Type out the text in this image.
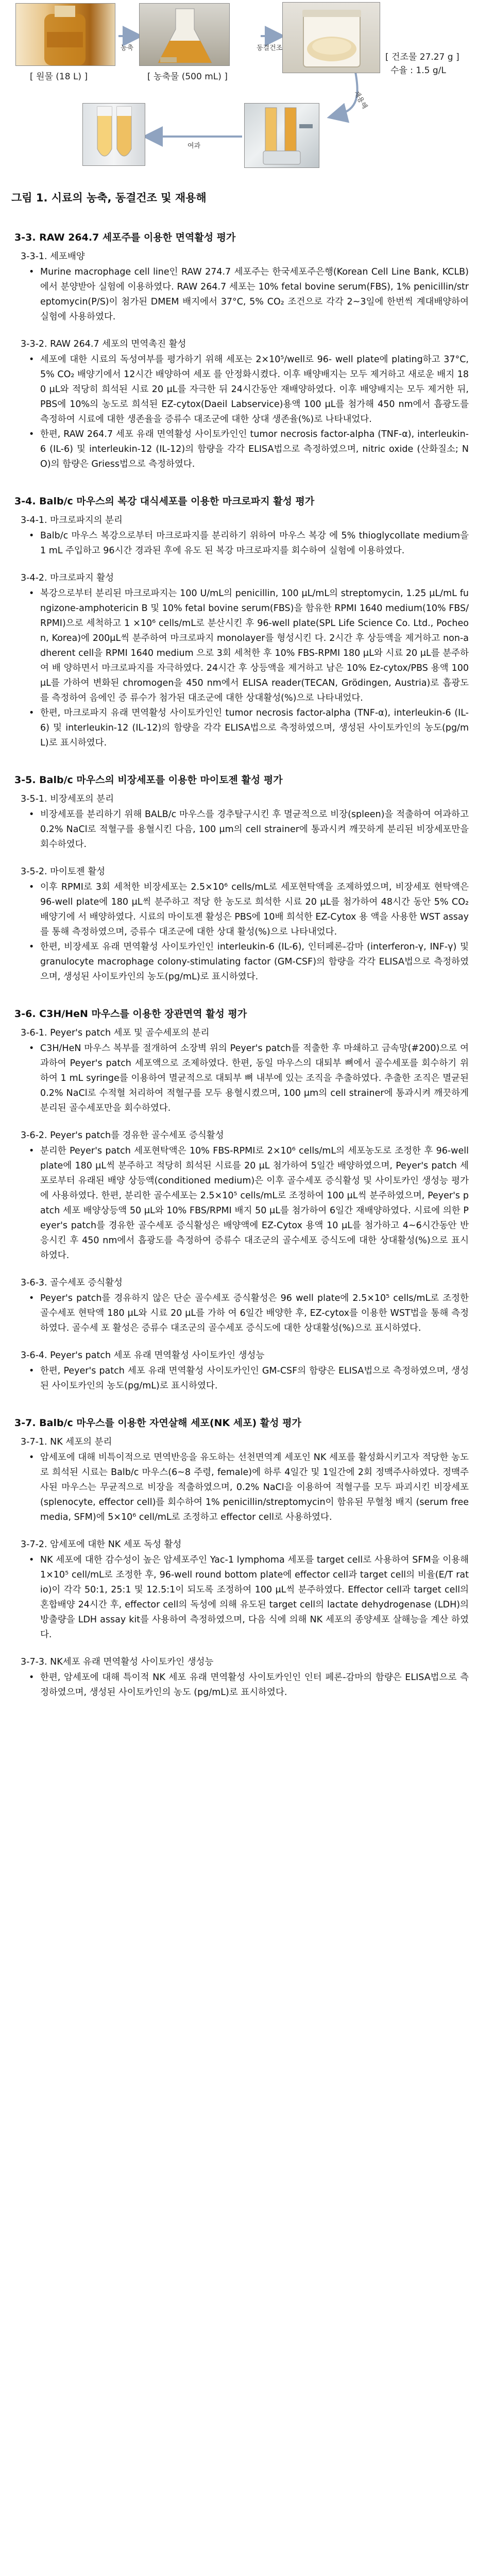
[ 원물 (18 L) ]
농축
[ 농축물 (500 mL) ]
동결건조
[ 건조물 27.27 g ]
수율 : 1.5 g/L
재용해
여과
그림 1. 시료의 농축, 동결건조 및 재용해
3-3. RAW 264.7 세포주를 이용한 면역활성 평가
3-3-1. 세포배양
• Murine macrophage cell line인 RAW 274.7 세포주는 한국세포주은행(Korean Cell Line Bank, KCLB)에서 분양받아 실험에 이용하였다. RAW 264.7 세포는 10% fetal bovine serum(FBS), 1% penicillin/streptomycin(P/S)이 첨가된 DMEM 배지에서 37°C, 5% CO₂ 조건으로 각각 2~3일에 한번씩 계대배양하여 실험에 사용하였다.
3-3-2. RAW 264.7 세포의 면역촉진 활성
• 세포에 대한 시료의 독성여부를 평가하기 위해 세포는 2×10⁵/well로 96- well plate에 plating하고 37°C, 5% CO₂ 배양기에서 12시간 배양하여 세포 를 안정화시켰다. 이후 배양배지는 모두 제거하고 새로운 배지 180 μL와 적당히 희석된 시료 20 μL를 자극한 뒤 24시간동안 재배양하였다. 이후 배양배지는 모두 제거한 뒤, PBS에 10%의 농도로 희석된 EZ-cytox(Daeil Labservice)용액 100 μL를 첨가해 450 nm에서 흡광도를 측정하여 시료에 대한 생존율을 증류수 대조군에 대한 상대 생존율(%)로 나타내었다.
• 한편, RAW 264.7 세포 유래 면역활성 사이토카인인 tumor necrosis factor-alpha (TNF-α), interleukin-6 (IL-6) 및 interleukin-12 (IL-12)의 함량을 각각 ELISA법으로 측정하였으며, nitric oxide (산화질소; NO)의 함량은 Griess법으로 측정하였다.
3-4. Balb/c 마우스의 복강 대식세포를 이용한 마크로파지 활성 평가
3-4-1. 마크로파지의 분리
• Balb/c 마우스 복강으로부터 마크로파지를 분리하기 위하여 마우스 복강 에 5% thioglycollate medium을 1 mL 주입하고 96시간 경과된 후에 유도 된 복강 마크로파지를 회수하여 실험에 이용하였다.
3-4-2. 마크로파지 활성
• 복강으로부터 분리된 마크로파지는 100 U/mL의 penicillin, 100 μL/mL의 streptomycin, 1.25 μL/mL fungizone-amphotericin B 및 10% fetal bovine serum(FBS)을 함유한 RPMI 1640 medium(10% FBS/RPMI)으로 세척하고 1 ×10⁶ cells/mL로 분산시킨 후 96-well plate(SPL Life Science Co. Ltd., Pocheon, Korea)에 200μL씩 분주하여 마크로파지 monolayer를 형성시킨 다. 2시간 후 상등액을 제거하고 non-adherent cell을 RPMI 1640 medium 으로 3회 세척한 후 10% FBS-RPMI 180 μL와 시료 20 μL를 분주하여 배 양하면서 마크로파지를 자극하였다. 24시간 후 상등액을 제거하고 남은 10% Ez-cytox/PBS 용액 100 μL를 가하여 변화된 chromogen을 450 nm에서 ELISA reader(TECAN, Grödingen, Austria)로 흡광도를 측정하여 음에인 증 류수가 첨가된 대조군에 대한 상대활성(%)으로 나타내었다.
• 한편, 마크로파지 유래 면역활성 사이토카인인 tumor necrosis factor-alpha (TNF-α), interleukin-6 (IL-6) 및 interleukin-12 (IL-12)의 함량을 각각 ELISA법으로 측정하였으며, 생성된 사이토카인의 농도(pg/mL)로 표시하였다.
3-5. Balb/c 마우스의 비장세포를 이용한 마이토젠 활성 평가
3-5-1. 비장세포의 분리
• 비장세포를 분리하기 위해 BALB/c 마우스를 경추탈구시킨 후 멸균적으로 비장(spleen)을 적출하여 여과하고 0.2% NaCl로 적혈구를 용혈시킨 다음, 100 μm의 cell strainer에 통과시켜 깨끗하게 분리된 비장세포만을 회수하였다.
3-5-2. 마이토젠 활성
• 이후 RPMI로 3회 세척한 비장세포는 2.5×10⁶ cells/mL로 세포현탁액을 조제하였으며, 비장세포 현탁액은 96-well plate에 180 μL씩 분주하고 적당 한 농도로 희석한 시료 20 μL를 첨가하여 48시간 동안 5% CO₂ 배양기에 서 배양하였다. 시료의 마이토젠 활성은 PBS에 10배 희석한 EZ-Cytox 용 액을 사용한 WST assay를 통해 측정하였으며, 증류수 대조군에 대한 상대 활성(%)으로 나타내었다.
• 한편, 비장세포 유래 면역활성 사이토카인인 interleukin-6 (IL-6), 인터페론-감마 (interferon-γ, INF-γ) 및 granulocyte macrophage colony-stimulating factor (GM-CSF)의 함량을 각각 ELISA법으로 측정하였으며, 생성된 사이토카인의 농도(pg/mL)로 표시하였다.
3-6. C3H/HeN 마우스를 이용한 장관면역 활성 평가
3-6-1. Peyer's patch 세포 및 골수세포의 분리
• C3H/HeN 마우스 복부를 절개하여 소장벽 위의 Peyer's patch를 적출한 후 마쇄하고 금속망(#200)으로 여과하여 Peyer's patch 세포액으로 조제하였다. 한편, 동일 마우스의 대퇴부 뼈에서 골수세포를 회수하기 위하여 1 mL syringe를 이용하여 멸균적으로 대퇴부 뼈 내부에 있는 조직을 추출하였다. 추출한 조직은 멸균된 0.2% NaCl로 수적혈 처리하여 적혈구를 모두 용혈시켰으며, 100 μm의 cell strainer에 통과시켜 깨끗하게 분리된 골수세포만을 회수하였다.
3-6-2. Peyer's patch를 경유한 골수세포 증식활성
• 분리한 Peyer's patch 세포현탁액은 10% FBS-RPMI로 2×10⁶ cells/mL의 세포농도로 조정한 후 96-well plate에 180 μL씩 분주하고 적당히 희석된 시료를 20 μL 첨가하여 5일간 배양하였으며, Peyer's patch 세포로부터 유래된 배양 상등액(conditioned medium)은 이후 골수세포 증식활성 및 사이토카인 생성능 평가에 사용하였다. 한편, 분리한 골수세포는 2.5×10⁵ cells/mL로 조정하여 100 μL씩 분주하였으며, Peyer's patch 세포 배양상등액 50 μL와 10% FBS/RPMI 배지 50 μL를 첨가하여 6일간 재배양하였다. 시료에 의한 Peyer's patch를 경유한 골수세포 증식활성은 배양액에 EZ-Cytox 용액 10 μL를 첨가하고 4~6시간동안 반응시킨 후 450 nm에서 흡광도를 측정하여 증류수 대조군의 골수세포 증식도에 대한 상대활성(%)으로 표시하였다.
3-6-3. 골수세포 증식활성
• Peyer's patch를 경유하지 않은 단순 골수세포 증식활성은 96 well plate에 2.5×10⁵ cells/mL로 조정한 골수세포 현탁액 180 μL와 시료 20 μL를 가하 여 6일간 배양한 후, EZ-cytox를 이용한 WST법을 통해 측정하였다. 골수세 포 활성은 증류수 대조군의 골수세포 증식도에 대한 상대활성(%)으로 표시하였다.
3-6-4. Peyer's patch 세포 유래 면역활성 사이토카인 생성능
• 한편, Peyer's patch 세포 유래 면역활성 사이토카인인 GM-CSF의 함량은 ELISA법으로 측정하였으며, 생성된 사이토카인의 농도(pg/mL)로 표시하였다.
3-7. Balb/c 마우스를 이용한 자연살해 세포(NK 세포) 활성 평가
3-7-1. NK 세포의 분리
• 암세포에 대해 비특이적으로 면역반응을 유도하는 선천면역계 세포인 NK 세포를 활성화시키고자 적당한 농도로 희석된 시료는 Balb/c 마우스(6~8 주령, female)에 하루 4일간 및 1일간에 2회 정맥주사하였다. 정맥주사된 마우스는 무균적으로 비장을 적출하였으며, 0.2% NaCl을 이용하여 적혈구를 모두 파괴시킨 비장세포 (splenocyte, effector cell)를 회수하여 1% penicillin/streptomycin이 함유된 무혈청 배지 (serum free media, SFM)에 5×10⁶ cell/mL로 조정하고 effector cell로 사용하였다.
3-7-2. 암세포에 대한 NK 세포 독성 활성
• NK 세포에 대한 감수성이 높은 암세포주인 Yac-1 lymphoma 세포를 target cell로 사용하여 SFM을 이용해 1×10⁵ cell/mL로 조정한 후, 96-well round bottom plate에 effector cell과 target cell의 비율(E/T ratio)이 각각 50:1, 25:1 및 12.5:1이 되도록 조정하여 100 μL씩 분주하였다. Effector cell과 target cell의 혼합배양 24시간 후, effector cell의 독성에 의해 유도된 target cell의 lactate dehydrogenase (LDH)의 방출량을 LDH assay kit를 사용하여 측정하였으며, 다음 식에 의해 NK 세포의 종양세포 살해능을 계산 하였다.
3-7-3. NK세포 유래 면역활성 사이토카인 생성능
• 한편, 암세포에 대해 특이적 NK 세포 유래 면역활성 사이토카인인 인터 페론-감마의 함량은 ELISA법으로 측정하였으며, 생성된 사이토카인의 농도 (pg/mL)로 표시하였다.
